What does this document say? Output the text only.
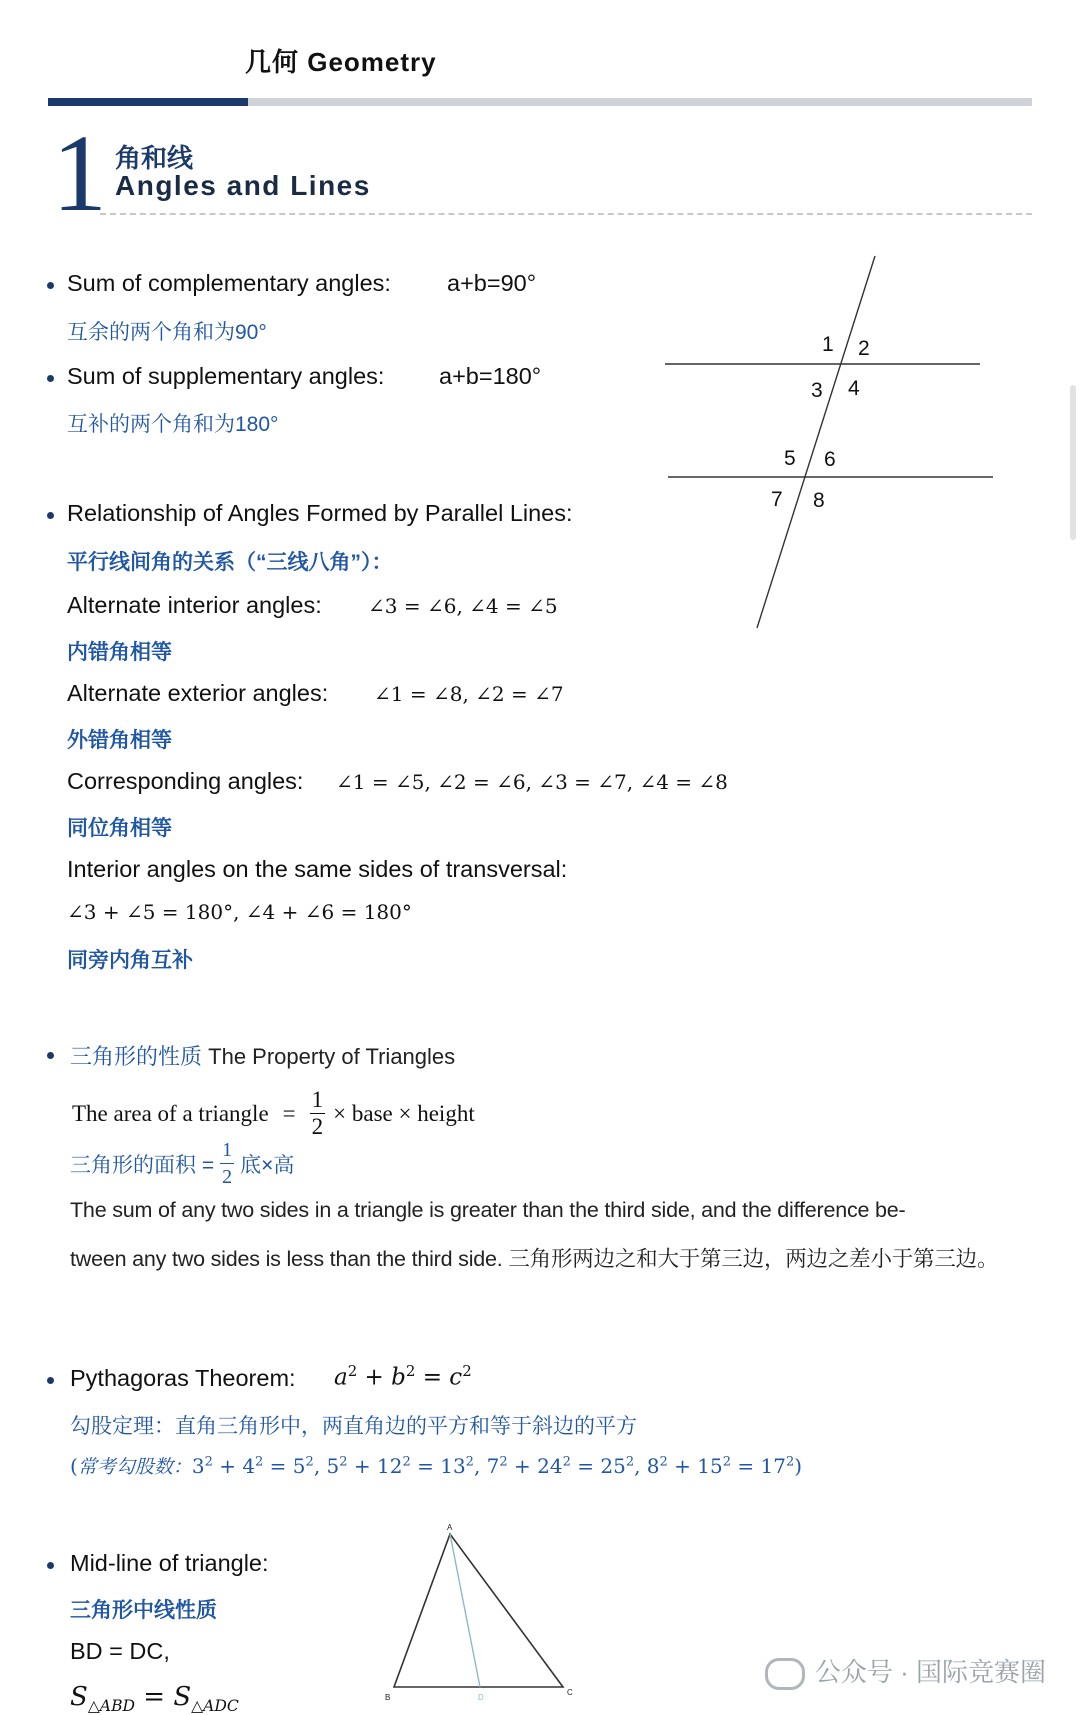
几何 Geometry
1 角和线
Angles and Lines
Sum of complementary angles: a+b=90°
互余的两个角和为90°
Sum of supplementary angles: a+b=180°
互补的两个角和为180°
1 2
3 4
5 6
7 8
Relationship of Angles Formed by Parallel Lines:
平行线间角的关系（“三线八角”）：
Alternate interior angles: ∠3 = ∠6, ∠4 = ∠5
内错角相等
Alternate exterior angles: ∠1 = ∠8, ∠2 = ∠7
外错角相等
Corresponding angles: ∠1 = ∠5, ∠2 = ∠6, ∠3 = ∠7, ∠4 = ∠8
同位角相等
Interior angles on the same sides of transversal:
∠3 + ∠5 = 180°, ∠4 + ∠6 = 180°
同旁内角互补
三角形的性质 The Property of Triangles
The area of a triangle = $\frac{1}{2}$ × base × height
三角形的面积 = $\frac{1}{2}$ 底×高
The sum of any two sides in a triangle is greater than the third side, and the difference be-
tween any two sides is less than the third side. 三角形两边之和大于第三边，两边之差小于第三边。
Pythagoras Theorem: $a^2 + b^2 = c^2$
勾股定理：直角三角形中，两直角边的平方和等于斜边的平方
(常考勾股数：$3^2 + 4^2 = 5^2$, $5^2 + 12^2 = 13^2$, $7^2 + 24^2 = 25^2$, $8^2 + 15^2 = 17^2$)
Mid-line of triangle:
三角形中线性质
BD = DC,
$S_{\triangle ABD} = S_{\triangle ADC}$
A
B
C
D
公众号 · 国际竞赛圈
